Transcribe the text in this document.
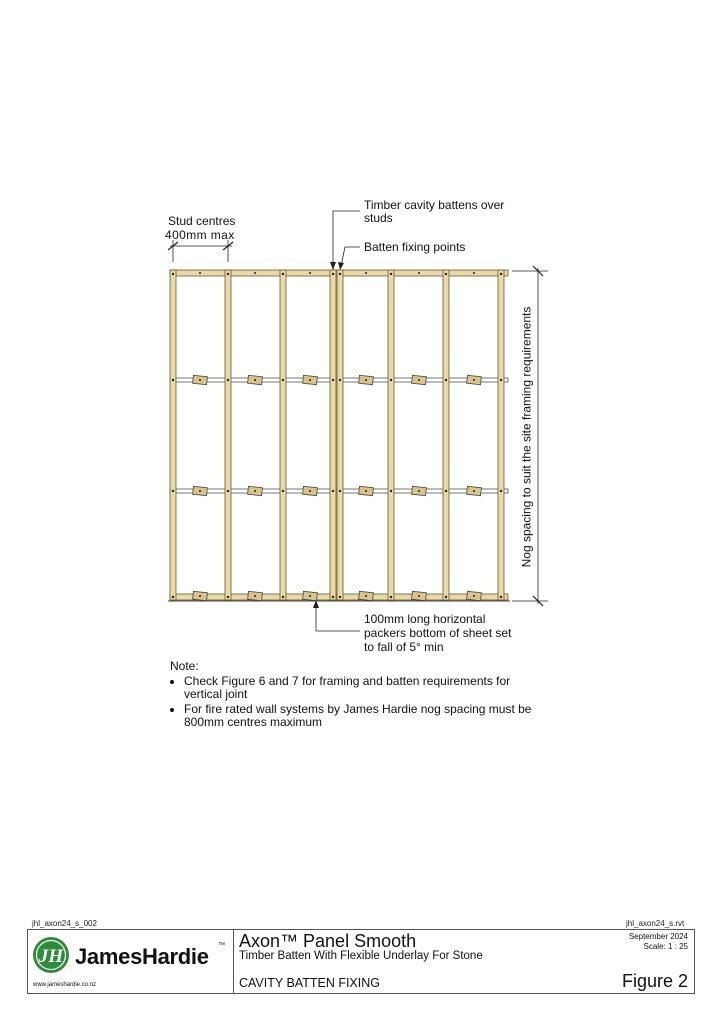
Stud centres
400mm max
Timber cavity battens over
studs
Batten fixing points
Nog spacing to suit the site framing requirements
100mm long horizontal
packers bottom of sheet set
to fall of 5° min
Note:
• Check Figure 6 and 7 for framing and batten requirements for vertical joint
• For fire rated wall systems by James Hardie nog spacing must be 800mm centres maximum
jhl_axon24_s_002	jhl_axon24_s.rvt
JH JamesHardie ™
www.jameshardie.co.nz
Axon™ Panel Smooth
Timber Batten With Flexible Underlay For Stone
CAVITY BATTEN FIXING
September 2024
Scale: 1 : 25
Figure 2
